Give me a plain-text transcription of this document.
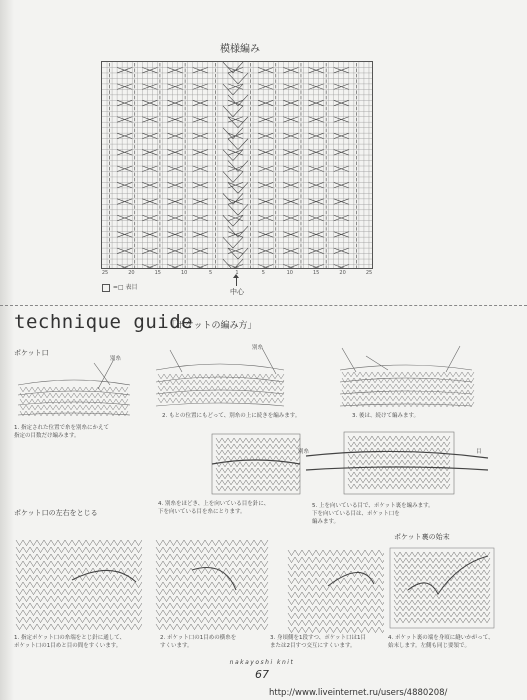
模様編み
25	20	15	10	5	1	5	10	15	20	25
=□ 表目
中心
technique guide
「ポケットの編み方」
ポケット口
別糸
1. 指定された位置で糸を別糸にかえて
指定の目数だけ編みます。
別糸
2. もとの位置にもどって、別糸の上に続きを編みます。	3. 後は、続けて編みます。
4. 別糸をほどき、上を向いている目を針に、
下を向いている目を糸にとります。
別糸	目
5. 上を向いている目で、ポケット裏を編みます。
下を向いている目は、ポケット口を
編みます。
ポケット口の左右をとじる
ポケット裏の始末
1. 指定ポケット口の糸端をとじ針に通して、
ポケット口の1目めと目の間をすくいます。
2. ポケット口の1目めの横糸を
すくいます。
3. 身頃側を1段すつ、ポケット口は1目
または2目すつ交互にすくいます。
4. ポケット裏の端を身頃に縫いかがって、
始末します。左側も同じ要領で。
nakayoshi knit
67
http://www.liveinternet.ru/users/4880208/
